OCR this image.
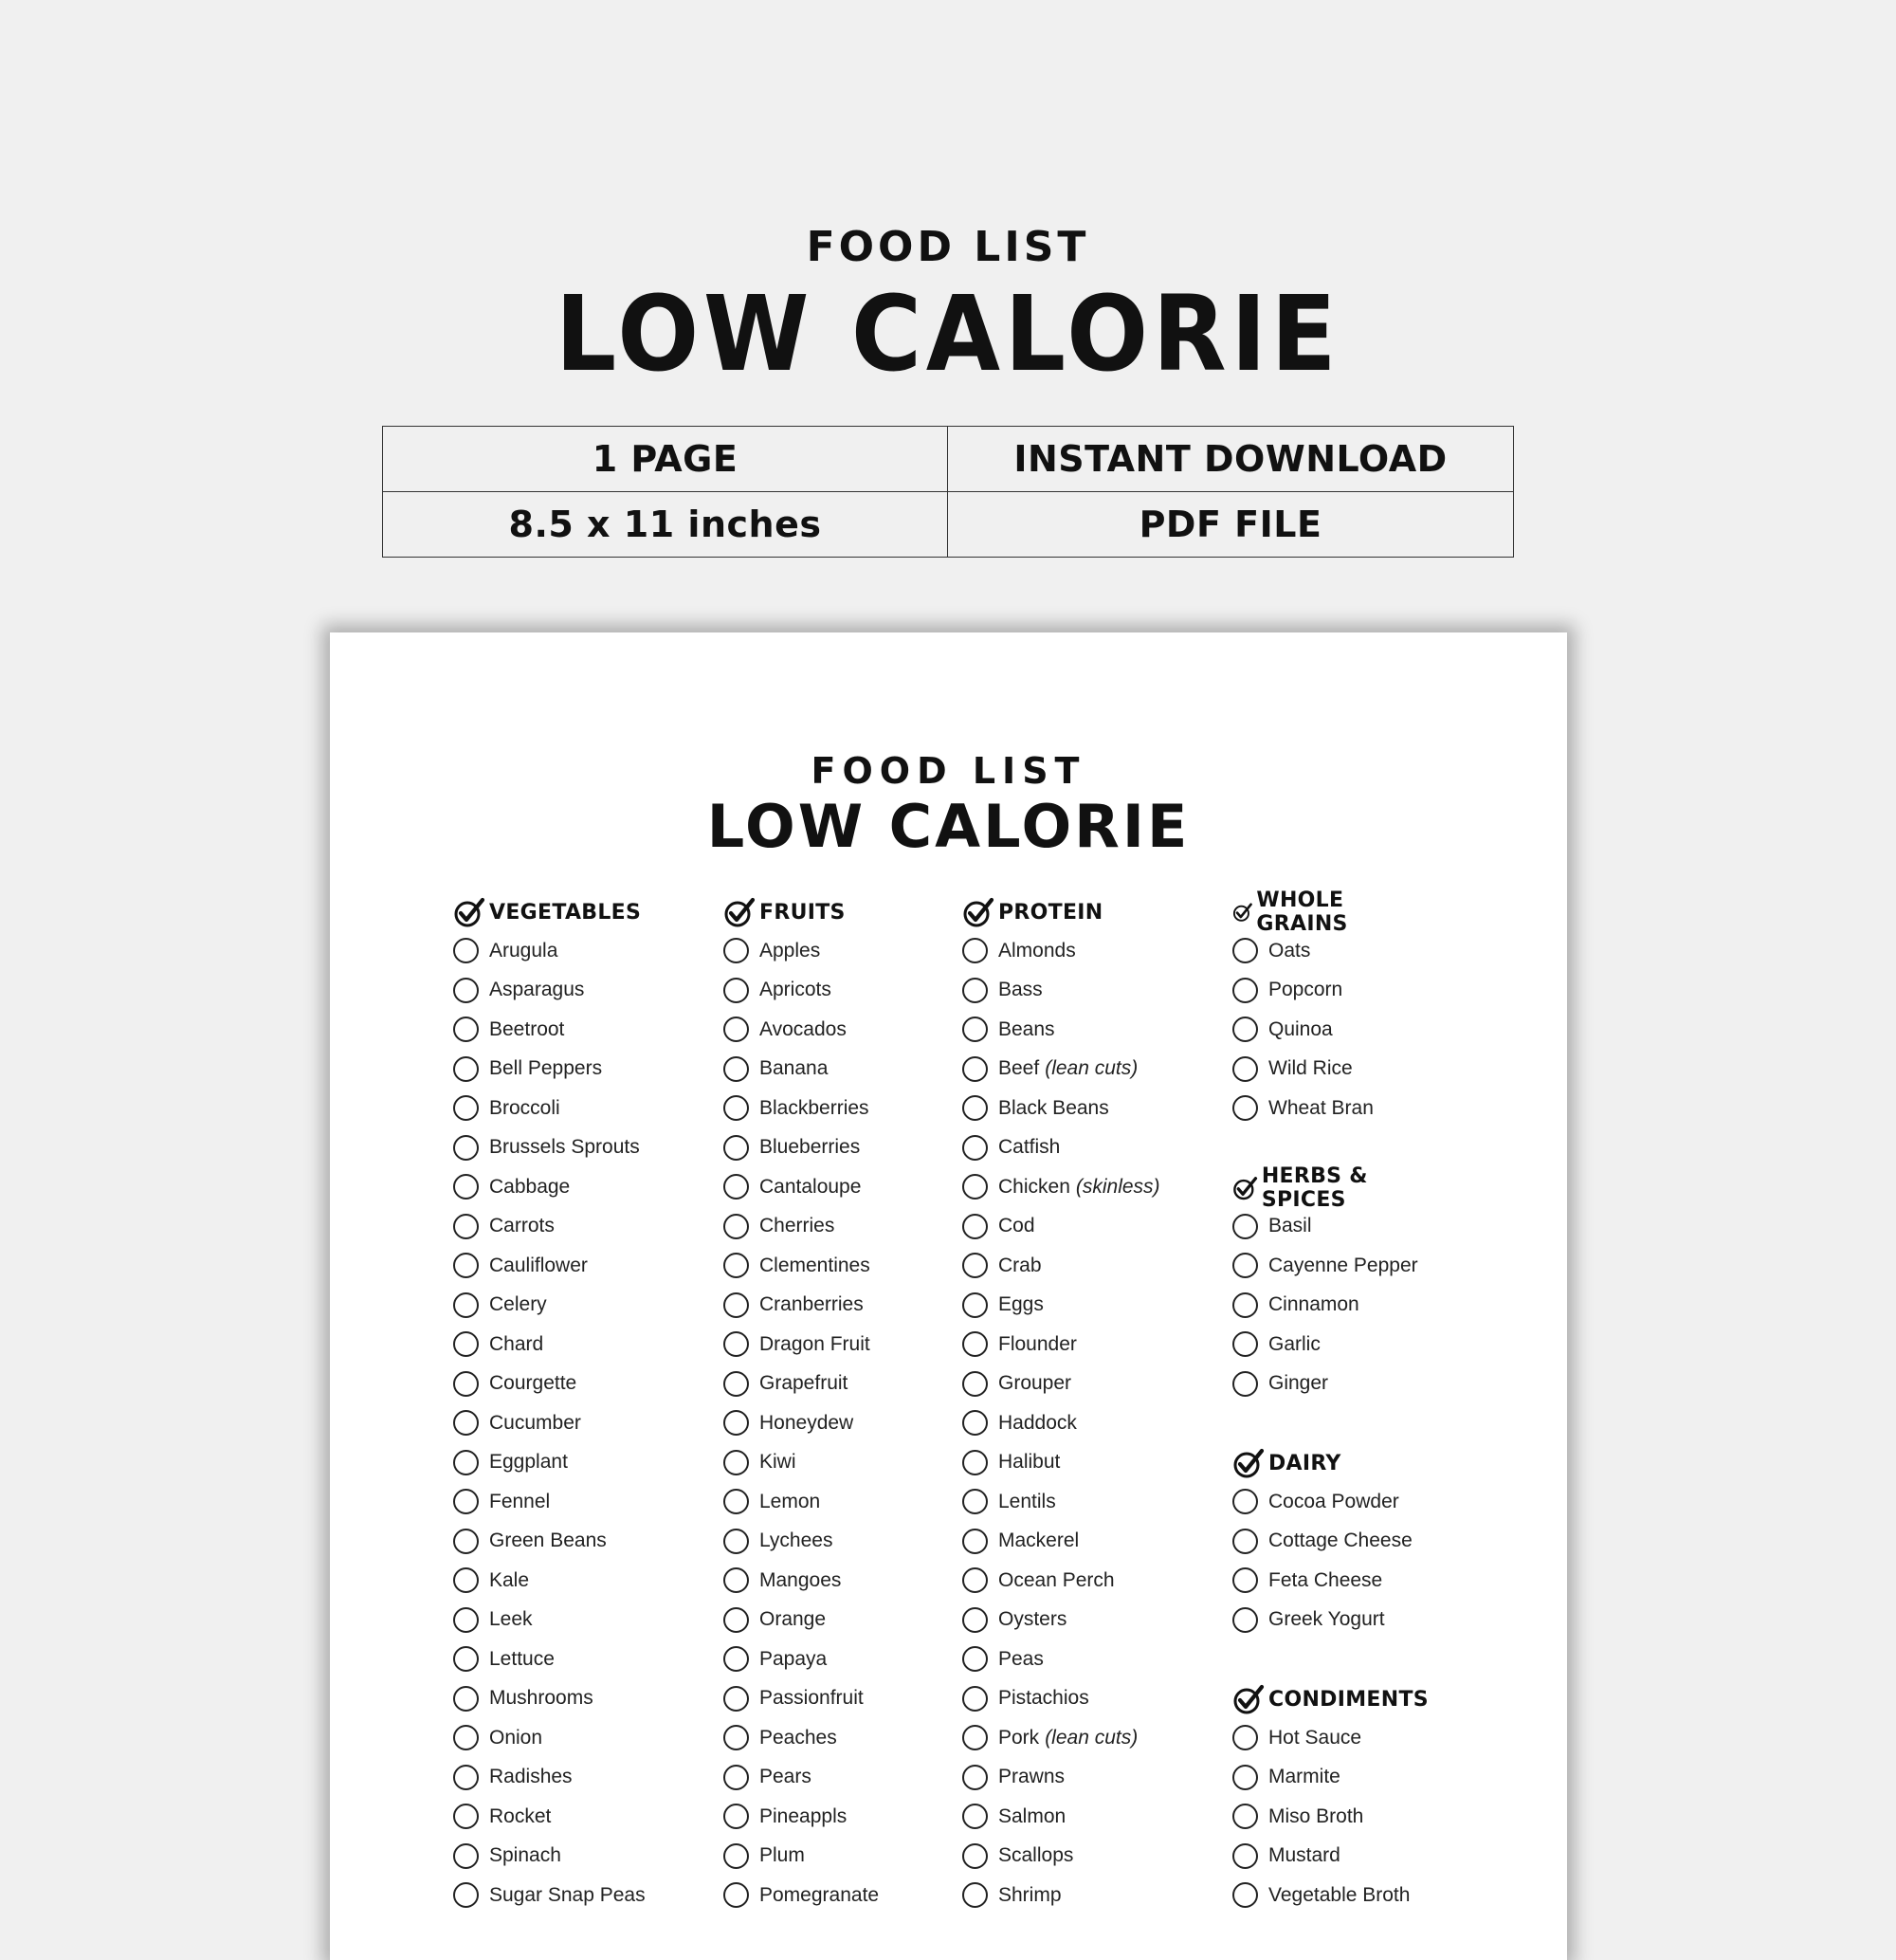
FOOD LIST
LOW CALORIE
1 PAGE	INSTANT DOWNLOAD
8.5 x 11 inches	PDF FILE
FOOD LIST
LOW CALORIE
VEGETABLES
Arugula
Asparagus
Beetroot
Bell Peppers
Broccoli
Brussels Sprouts
Cabbage
Carrots
Cauliflower
Celery
Chard
Courgette
Cucumber
Eggplant
Fennel
Green Beans
Kale
Leek
Lettuce
Mushrooms
Onion
Radishes
Rocket
Spinach
Sugar Snap Peas
FRUITS
Apples
Apricots
Avocados
Banana
Blackberries
Blueberries
Cantaloupe
Cherries
Clementines
Cranberries
Dragon Fruit
Grapefruit
Honeydew
Kiwi
Lemon
Lychees
Mangoes
Orange
Papaya
Passionfruit
Peaches
Pears
Pineappls
Plum
Pomegranate
PROTEIN
Almonds
Bass
Beans
Beef (lean cuts)
Black Beans
Catfish
Chicken (skinless)
Cod
Crab
Eggs
Flounder
Grouper
Haddock
Halibut
Lentils
Mackerel
Ocean Perch
Oysters
Peas
Pistachios
Pork (lean cuts)
Prawns
Salmon
Scallops
Shrimp
WHOLE GRAINS
Oats
Popcorn
Quinoa
Wild Rice
Wheat Bran
HERBS & SPICES
Basil
Cayenne Pepper
Cinnamon
Garlic
Ginger
DAIRY
Cocoa Powder
Cottage Cheese
Feta Cheese
Greek Yogurt
CONDIMENTS
Hot Sauce
Marmite
Miso Broth
Mustard
Vegetable Broth
